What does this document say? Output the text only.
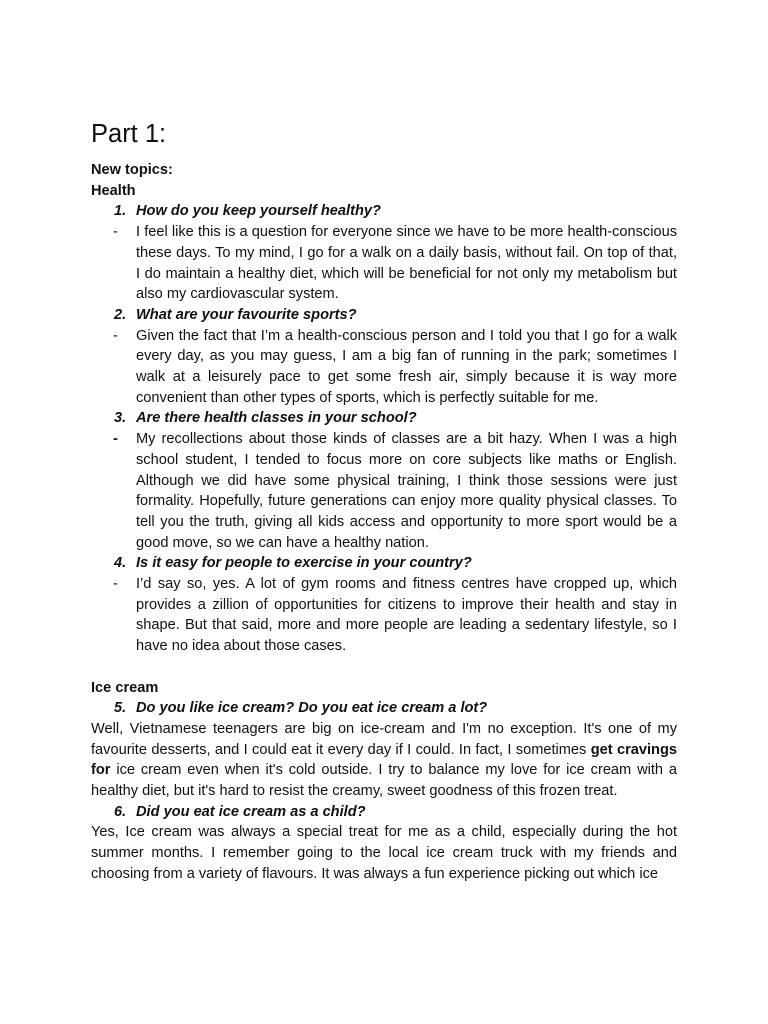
Part 1:
New topics:
Health
1. How do you keep yourself healthy?
-	I feel like this is a question for everyone since we have to be more health-conscious these days. To my mind, I go for a walk on a daily basis, without fail. On top of that, I do maintain a healthy diet, which will be beneficial for not only my metabolism but also my cardiovascular system.
2. What are your favourite sports?
-	Given the fact that I’m a health-conscious person and I told you that I go for a walk every day, as you may guess, I am a big fan of running in the park; sometimes I walk at a leisurely pace to get some fresh air, simply because it is way more convenient than other types of sports, which is perfectly suitable for me.
3. Are there health classes in your school?
-	My recollections about those kinds of classes are a bit hazy. When I was a high school student, I tended to focus more on core subjects like maths or English. Although we did have some physical training, I think those sessions were just formality. Hopefully, future generations can enjoy more quality physical classes. To tell you the truth, giving all kids access and opportunity to more sport would be a good move, so we can have a healthy nation.
4. Is it easy for people to exercise in your country?
-	I’d say so, yes. A lot of gym rooms and fitness centres have cropped up, which provides a zillion of opportunities for citizens to improve their health and stay in shape. But that said, more and more people are leading a sedentary lifestyle, so I have no idea about those cases.
Ice cream
5. Do you like ice cream? Do you eat ice cream a lot?
Well, Vietnamese teenagers are big on ice-cream and I'm no exception. It's one of my favourite desserts, and I could eat it every day if I could. In fact, I sometimes get cravings for ice cream even when it's cold outside. I try to balance my love for ice cream with a healthy diet, but it's hard to resist the creamy, sweet goodness of this frozen treat.
6. Did you eat ice cream as a child?
Yes, Ice cream was always a special treat for me as a child, especially during the hot summer months. I remember going to the local ice cream truck with my friends and choosing from a variety of flavours. It was always a fun experience picking out which ice
